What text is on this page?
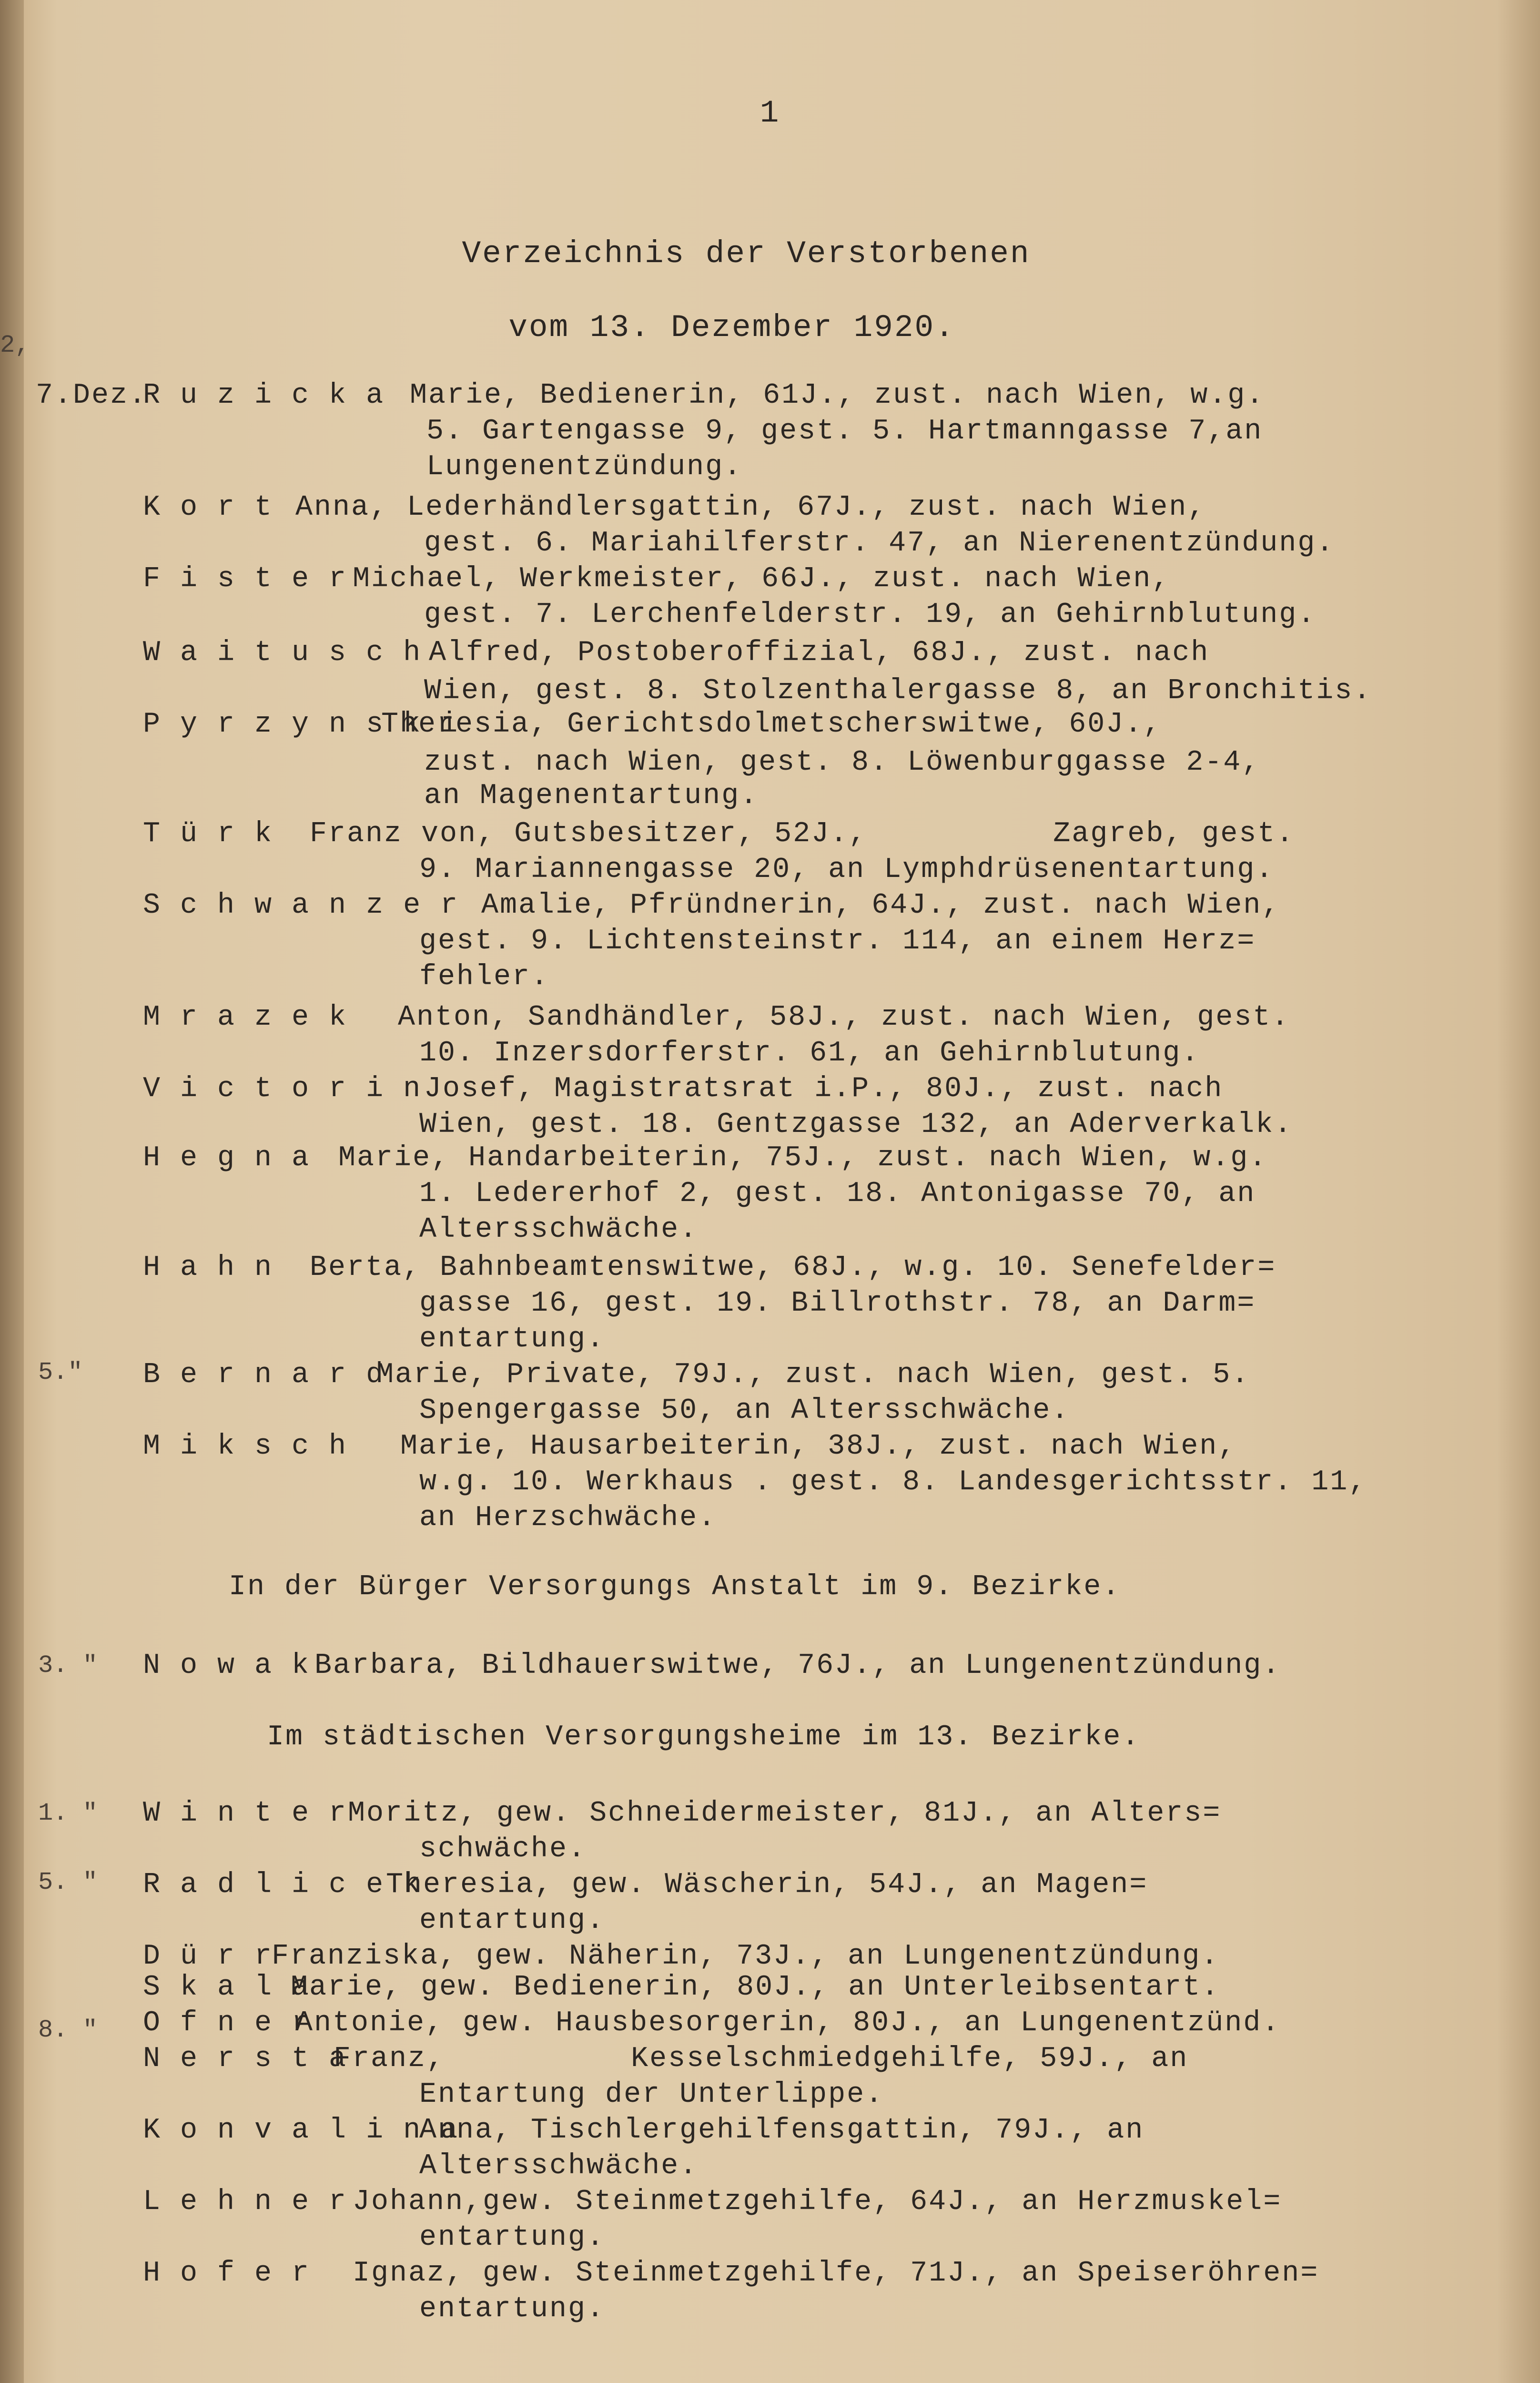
1
Verzeichnis der Verstorbenen
vom 13. Dezember 1920.
2,
5."
3. "
1. "
5. "
8. "
7.Dez.
R u z i c k a Marie, Bedienerin, 61J., zust. nach Wien, w.g.
5. Gartengasse 9, gest. 5. Hartmanngasse 7,an
Lungenentzündung.
K o r t Anna, Lederhändlersgattin, 67J., zust. nach Wien,
gest. 6. Mariahilferstr. 47, an Nierenentzündung.
F i s t e r Michael, Werkmeister, 66J., zust. nach Wien,
gest. 7. Lerchenfelderstr. 19, an Gehirnblutung.
W a i t u s c h Alfred, Postoberoffizial, 68J., zust. nach
Wien, gest. 8. Stolzenthalergasse 8, an Bronchitis.
P y r z y n s k i
Theresia, Gerichtsdolmetscherswitwe, 60J.,
zust. nach Wien, gest. 8. Löwenburggasse 2-4,
an Magenentartung.
T ü r k Franz von, Gutsbesitzer, 52J.,          Zagreb, gest.
9. Mariannengasse 20, an Lymphdrüsenentartung.
S c h w a n z e r Amalie, Pfründnerin, 64J., zust. nach Wien,
gest. 9. Lichtensteinstr. 114, an einem Herz=
fehler.
M r a z e k Anton, Sandhändler, 58J., zust. nach Wien, gest.
10. Inzersdorferstr. 61, an Gehirnblutung.
V i c t o r i n Josef, Magistratsrat i.P., 80J., zust. nach
Wien, gest. 18. Gentzgasse 132, an Aderverkalk.
H e g n a Marie, Handarbeiterin, 75J., zust. nach Wien, w.g.
1. Ledererhof 2, gest. 18. Antonigasse 70, an
Altersschwäche.
H a h n Berta, Bahnbeamtenswitwe, 68J., w.g. 10. Senefelder=
gasse 16, gest. 19. Billrothstr. 78, an Darm=
entartung.
B e r n a r d
Marie, Private, 79J., zust. nach Wien, gest. 5.
Spengergasse 50, an Altersschwäche.
M i k s c h Marie, Hausarbeiterin, 38J., zust. nach Wien,
w.g. 10. Werkhaus . gest. 8. Landesgerichtsstr. 11,
an Herzschwäche.
In der Bürger Versorgungs Anstalt im 9. Bezirke.
N o w a k Barbara, Bildhauerswitwe, 76J., an Lungenentzündung.
Im städtischen Versorgungsheime im 13. Bezirke.
W i n t e r Moritz, gew. Schneidermeister, 81J., an Alters=
schwäche.
R a d l i c e k
Theresia, gew. Wäscherin, 54J., an Magen=
entartung.
D ü r r
Franziska, gew. Näherin, 73J., an Lungenentzündung.
S k a l a
Marie, gew. Bedienerin, 80J., an Unterleibsentart.
O f n e r
Antonie, gew. Hausbesorgerin, 80J., an Lungenentzünd.
N e r s t a
Franz,          Kesselschmiedgehilfe, 59J., an
Entartung der Unterlippe.
K o n v a l i n a
Anna, Tischlergehilfensgattin, 79J., an
Altersschwäche.
L e h n e r Johann,gew. Steinmetzgehilfe, 64J., an Herzmuskel=
entartung.
H o f e r Ignaz, gew. Steinmetzgehilfe, 71J., an Speiseröhren=
entartung.
